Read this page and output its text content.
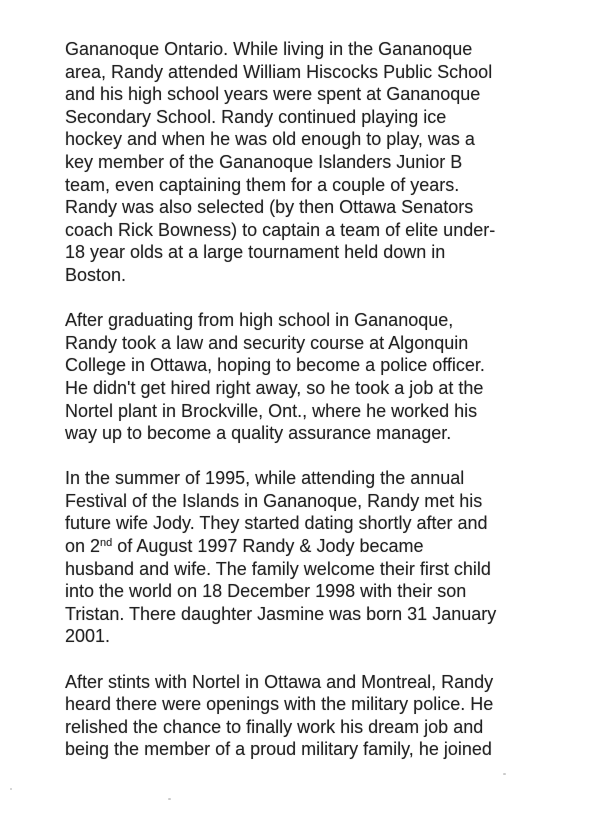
Gananoque Ontario. While living in the Gananoque
area, Randy attended William Hiscocks Public School
and his high school years were spent at Gananoque
Secondary School. Randy continued playing ice
hockey and when he was old enough to play, was a
key member of the Gananoque Islanders Junior B
team, even captaining them for a couple of years.
Randy was also selected (by then Ottawa Senators
coach Rick Bowness) to captain a team of elite under-
18 year olds at a large tournament held down in
Boston.

After graduating from high school in Gananoque,
Randy took a law and security course at Algonquin
College in Ottawa, hoping to become a police officer.
He didn't get hired right away, so he took a job at the
Nortel plant in Brockville, Ont., where he worked his
way up to become a quality assurance manager.

In the summer of 1995, while attending the annual
Festival of the Islands in Gananoque, Randy met his
future wife Jody. They started dating shortly after and
on 2nd of August 1997 Randy & Jody became
husband and wife. The family welcome their first child
into the world on 18 December 1998 with their son
Tristan. There daughter Jasmine was born 31 January
2001.

After stints with Nortel in Ottawa and Montreal, Randy
heard there were openings with the military police. He
relished the chance to finally work his dream job and
being the member of a proud military family, he joined
